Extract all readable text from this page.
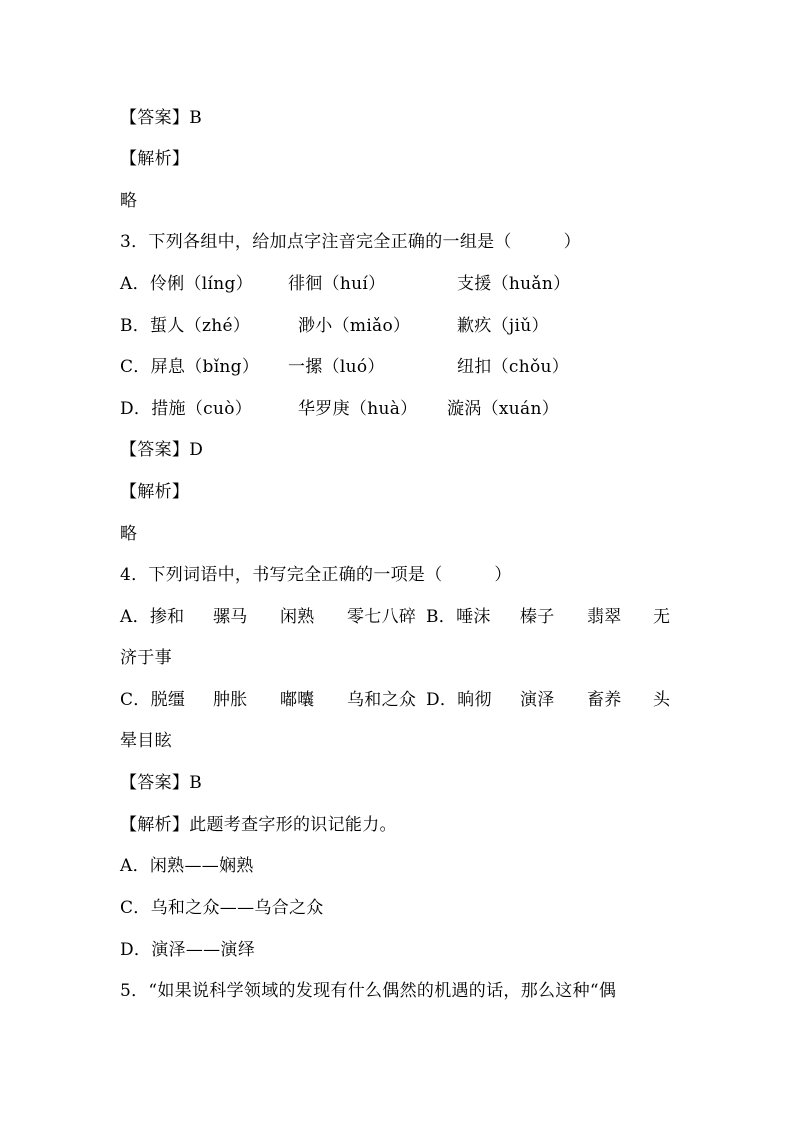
【答案】B
【解析】
略
3．下列各组中，给加点字注音完全正确的一组是（　　　）
A．伶俐（líng） 徘徊（huí）	支援（huǎn）
B．蜇人（zhé）	渺小（miǎo）	歉疚（jiǔ）
C．屏息（bǐng） 一摞（luó）	纽扣（chǒu）
D．措施（cuò）	华罗庚（huà） 漩涡（xuán）
【答案】D
【解析】
略
4．下列词语中，书写完全正确的一项是（　　　）
A．掺和 骡马 闲熟 零七八碎 B．唾沫 榛子 翡翠 无
济于事
C．脱缰 肿胀 嘟囔 乌和之众 D．晌彻 演泽 畜养 头
晕目眩
【答案】B
【解析】此题考查字形的识记能力。
A．闲熟——娴熟
C．乌和之众——乌合之众
D．演泽——演绎
5．“如果说科学领域的发现有什么偶然的机遇的话，那么这种“偶
